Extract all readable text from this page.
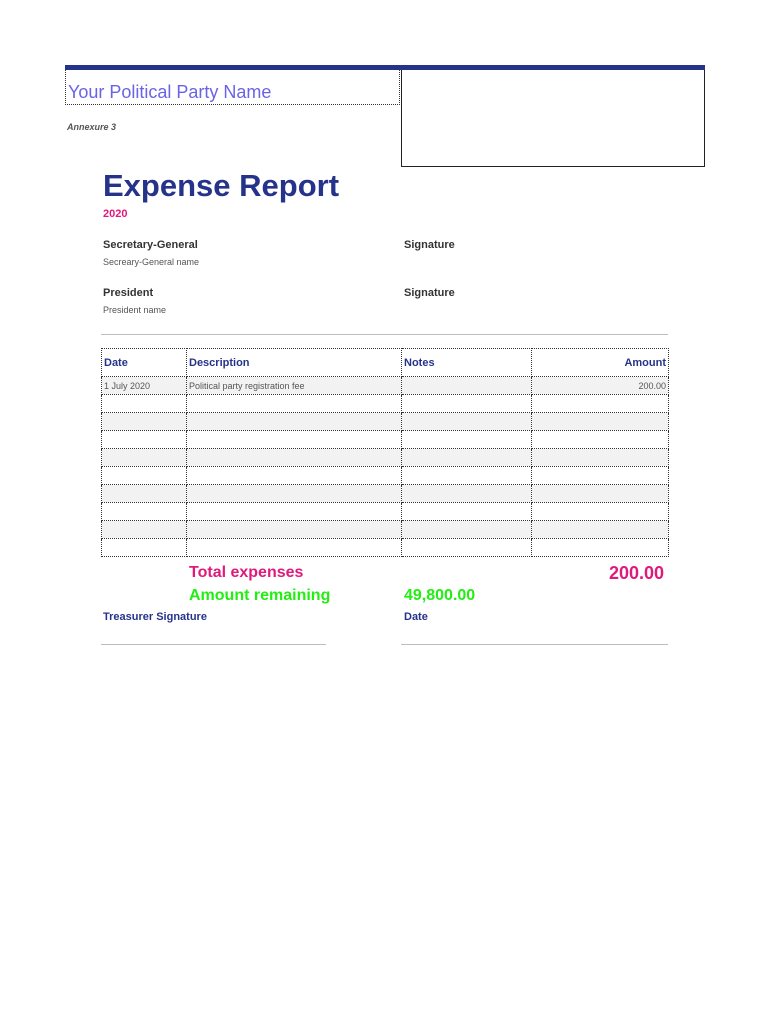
Your Political Party Name
Annexure 3
Expense Report
2020
Secretary-General
Secreary-General name
Signature
President
President name
Signature
Date	Description	Notes	Amount
1 July 2020	Political party registration fee		200.00

Total expenses	200.00
Amount remaining	49,800.00
Treasurer Signature	Date
